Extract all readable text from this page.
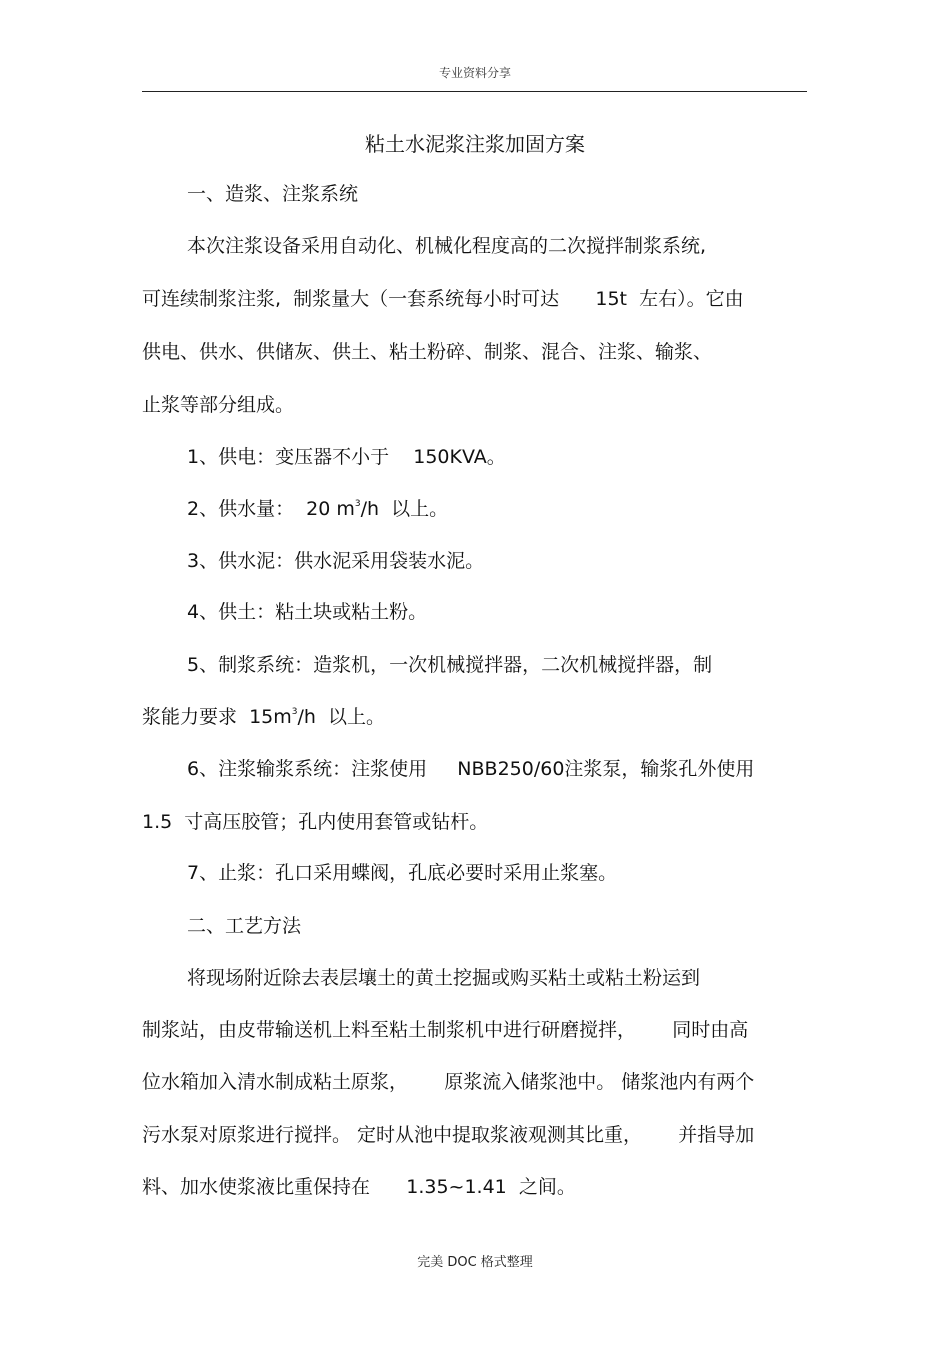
专业资料分享
粘土水泥浆注浆加固方案
一、造浆、注浆系统
本次注浆设备采用自动化、机械化程度高的二次搅拌制浆系统,
可连续制浆注浆,  制浆量大（一套系统每小时可达      15t  左右）。它由
供电、供水、供储灰、供土、粘土粉碎、制浆、混合、注浆、输浆、
止浆等部分组成。
1、供电：变压器不小于    150KVA。
2、供水量：  20 $m^3/h$  以上。
3、供水泥：供水泥采用袋装水泥。
4、供土：粘土块或粘土粉。
5、制浆系统：造浆机，一次机械搅拌器，二次机械搅拌器，制
浆能力要求  $15m^3/h$  以上。
6、注浆输浆系统：注浆使用     NBB250/60注浆泵，输浆孔外使用
1.5  寸高压胶管；孔内使用套管或钻杆。
7、止浆：孔口采用蝶阀，孔底必要时采用止浆塞。
二、工艺方法
将现场附近除去表层壤土的黄土挖掘或购买粘土或粘土粉运到
制浆站，由皮带输送机上料至粘土制浆机中进行研磨搅拌，      同时由高
位水箱加入清水制成粘土原浆，      原浆流入储浆池中。 储浆池内有两个
污水泵对原浆进行搅拌。 定时从池中提取浆液观测其比重，      并指导加
料、加水使浆液比重保持在      1.35~1.41  之间。
完美 DOC 格式整理
